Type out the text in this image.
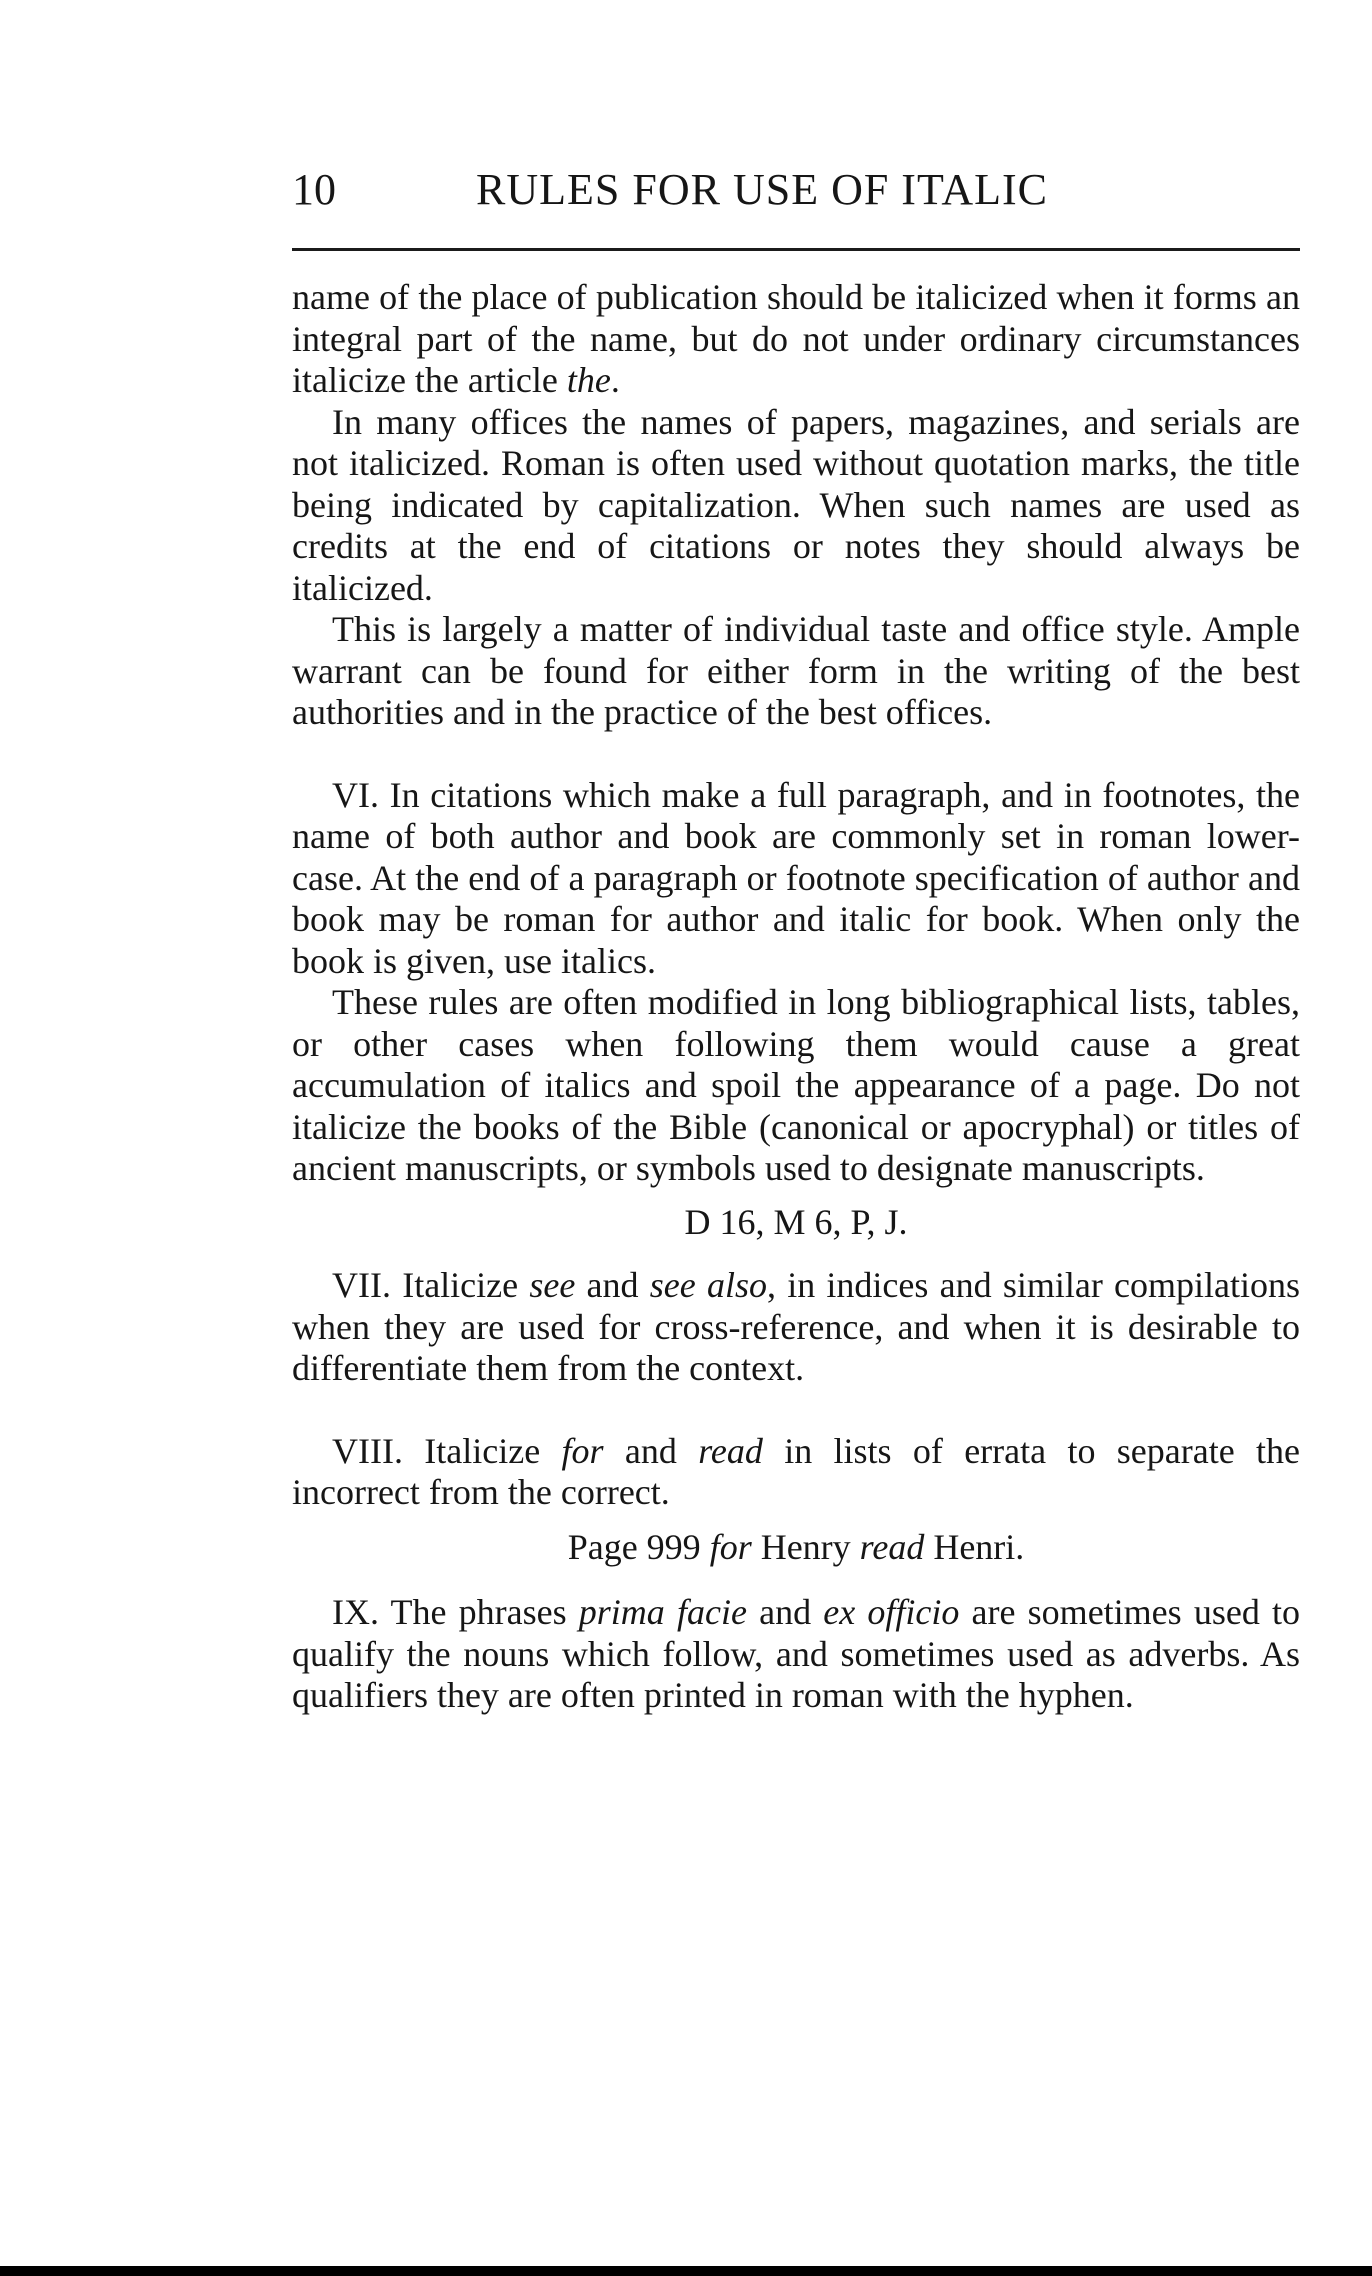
10	RULES FOR USE OF ITALIC

name of the place of publication should be italicized when it forms an integral part of the name, but do not under ordinary circumstances italicize the article the.

In many offices the names of papers, magazines, and serials are not italicized. Roman is often used without quotation marks, the title being indicated by capitalization. When such names are used as credits at the end of citations or notes they should always be italicized.

This is largely a matter of individual taste and office style. Ample warrant can be found for either form in the writing of the best authorities and in the practice of the best offices.

VI. In citations which make a full paragraph, and in footnotes, the name of both author and book are commonly set in roman lower-case. At the end of a paragraph or footnote specification of author and book may be roman for author and italic for book. When only the book is given, use italics.

These rules are often modified in long bibliographical lists, tables, or other cases when following them would cause a great accumulation of italics and spoil the appearance of a page. Do not italicize the books of the Bible (canonical or apocryphal) or titles of ancient manuscripts, or symbols used to designate manuscripts.

D 16, M 6, P, J.

VII. Italicize see and see also, in indices and similar compilations when they are used for cross-reference, and when it is desirable to differentiate them from the context.

VIII. Italicize for and read in lists of errata to separate the incorrect from the correct.

Page 999 for Henry read Henri.

IX. The phrases prima facie and ex officio are sometimes used to qualify the nouns which follow, and sometimes used as adverbs. As qualifiers they are often printed in roman with the hyphen.
